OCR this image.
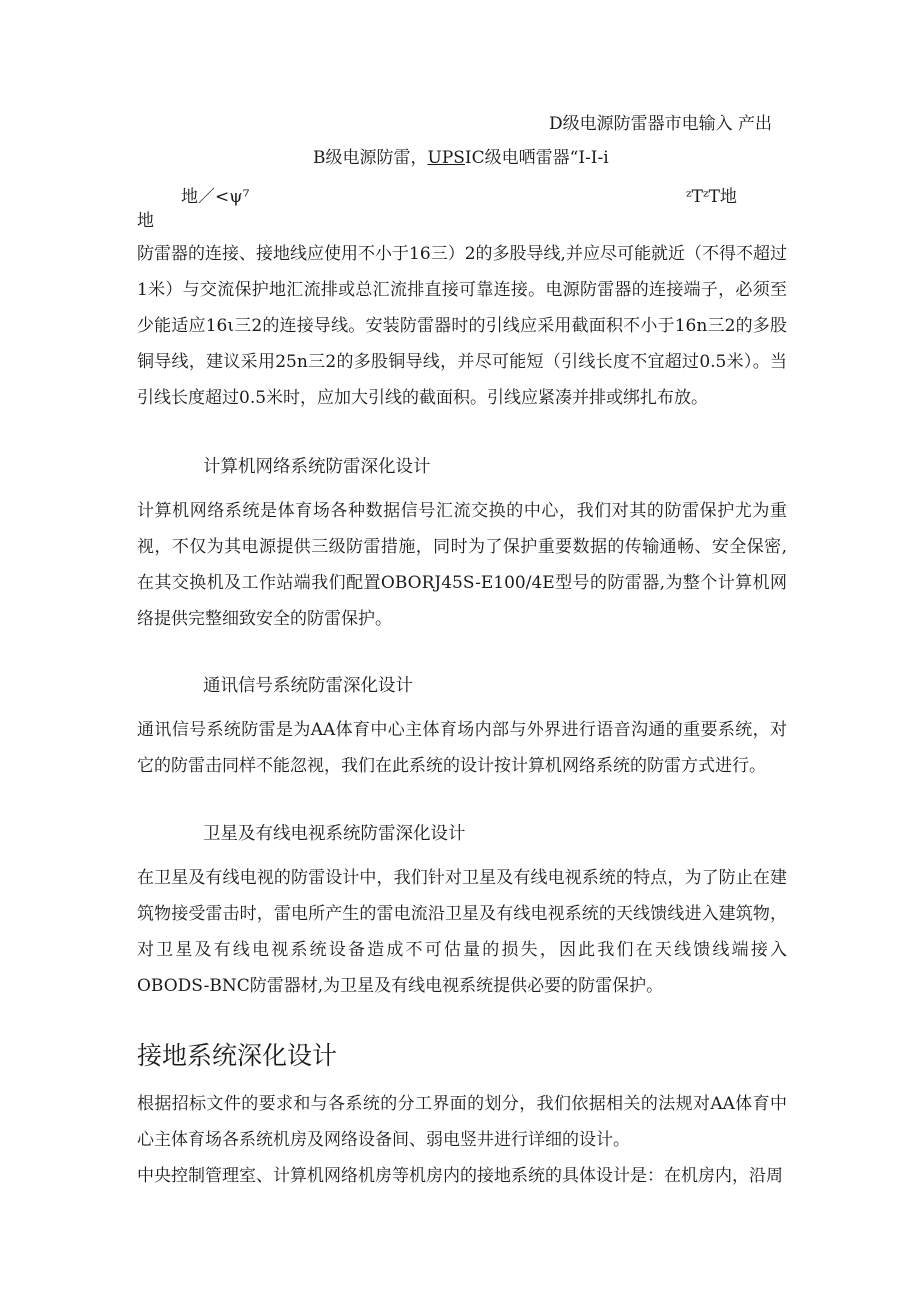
D级电源防雷器市电输入 产出
B级电源防雷，UPSIC级电哂雷器“I-I-i
地／<ψ⁷	ᶻTᶻT地
地

防雷器的连接、接地线应使用不小于16三）2的多股导线,并应尽可能就近（不得不超过1米）与交流保护地汇流排或总汇流排直接可靠连接。电源防雷器的连接端子，必须至少能适应16ι三2的连接导线。安装防雷器时的引线应采用截面积不小于16n三2的多股铜导线，建议采用25n三2的多股铜导线，并尽可能短（引线长度不宜超过0.5米）。当引线长度超过0.5米时，应加大引线的截面积。引线应紧凑并排或绑扎布放。

计算机网络系统防雷深化设计

计算机网络系统是体育场各种数据信号汇流交换的中心，我们对其的防雷保护尤为重视，不仅为其电源提供三级防雷措施，同时为了保护重要数据的传输通畅、安全保密,在其交换机及工作站端我们配置OBORJ45S-E100/4E型号的防雷器,为整个计算机网络提供完整细致安全的防雷保护。

通讯信号系统防雷深化设计

通讯信号系统防雷是为AA体育中心主体育场内部与外界进行语音沟通的重要系统，对它的防雷击同样不能忽视，我们在此系统的设计按计算机网络系统的防雷方式进行。

卫星及有线电视系统防雷深化设计

在卫星及有线电视的防雷设计中，我们针对卫星及有线电视系统的特点，为了防止在建筑物接受雷击时，雷电所产生的雷电流沿卫星及有线电视系统的天线馈线进入建筑物，对卫星及有线电视系统设备造成不可估量的损失，因此我们在天线馈线端接入OBODS-BNC防雷器材,为卫星及有线电视系统提供必要的防雷保护。

接地系统深化设计

根据招标文件的要求和与各系统的分工界面的划分，我们依据相关的法规对AA体育中心主体育场各系统机房及网络设备间、弱电竖井进行详细的设计。

中央控制管理室、计算机网络机房等机房内的接地系统的具体设计是：在机房内，沿周
